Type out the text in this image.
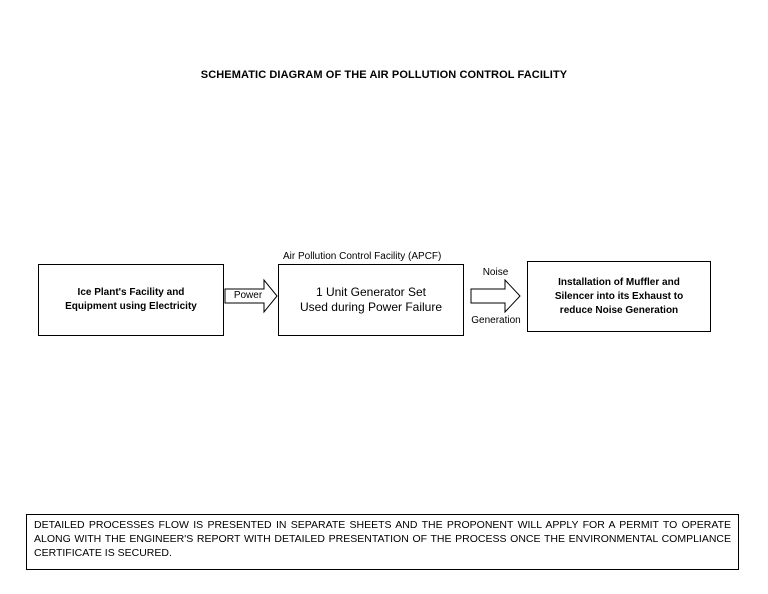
SCHEMATIC DIAGRAM OF THE AIR POLLUTION CONTROL FACILITY
Ice Plant's Facility and
Equipment using Electricity
Power
Air Pollution Control Facility (APCF)
1 Unit Generator Set
Used during Power Failure
Noise
Generation
Installation of Muffler and
Silencer into its Exhaust to
reduce Noise Generation
DETAILED PROCESSES FLOW IS PRESENTED IN SEPARATE SHEETS AND THE PROPONENT WILL APPLY FOR A PERMIT TO OPERATE ALONG WITH THE ENGINEER'S REPORT WITH DETAILED PRESENTATION OF THE PROCESS ONCE THE ENVIRONMENTAL COMPLIANCE CERTIFICATE IS SECURED.
